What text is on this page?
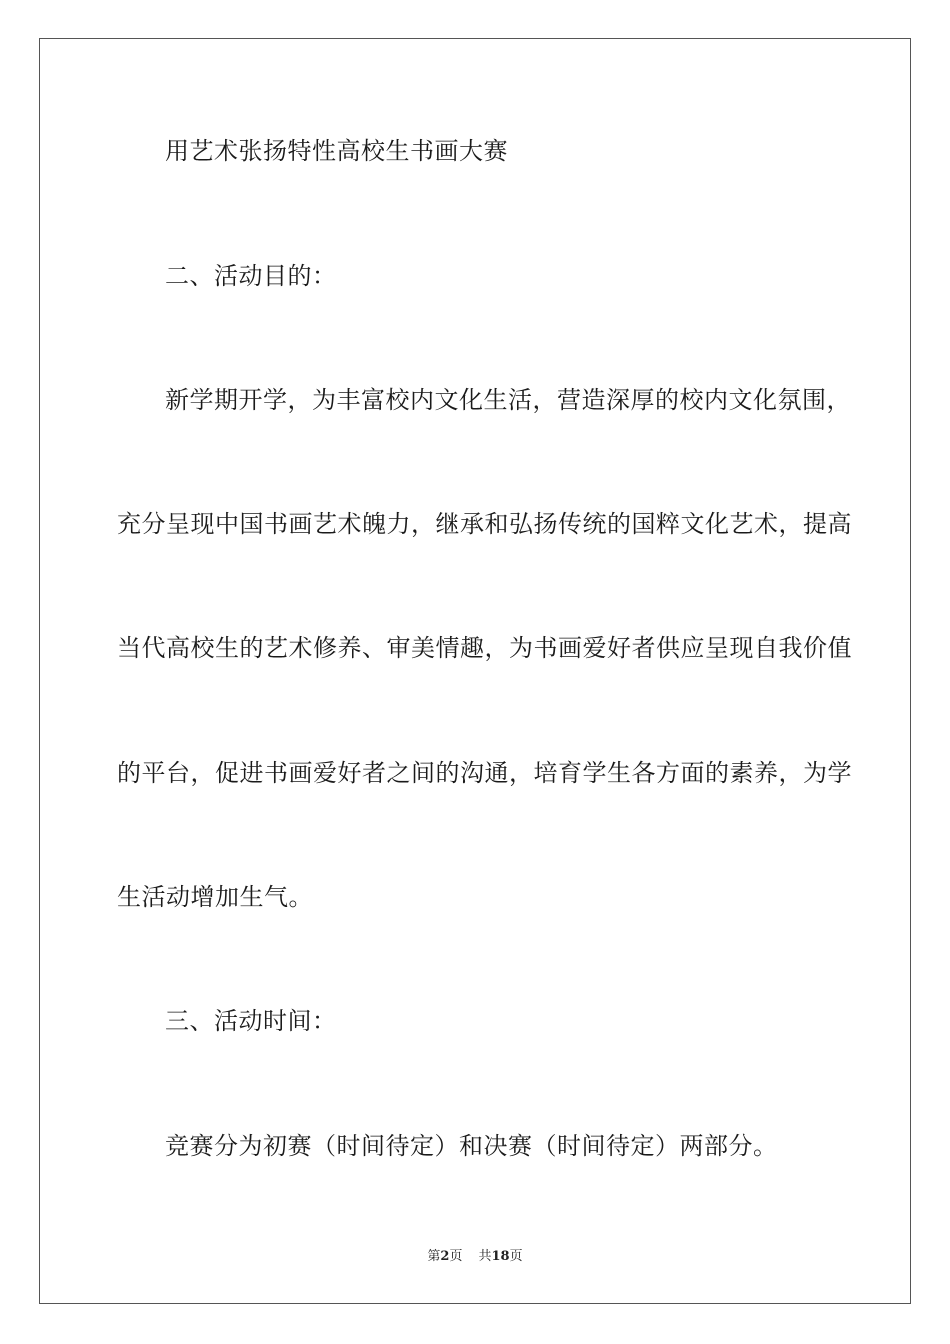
用艺术张扬特性高校生书画大赛
二、活动目的：
新学期开学，为丰富校内文化生活，营造深厚的校内文化氛围，
充分呈现中国书画艺术魄力，继承和弘扬传统的国粹文化艺术，提高
当代高校生的艺术修养、审美情趣，为书画爱好者供应呈现自我价值
的平台，促进书画爱好者之间的沟通，培育学生各方面的素养，为学
生活动增加生气。
三、活动时间：
竞赛分为初赛（时间待定）和决赛（时间待定）两部分。
第2页 共18页
